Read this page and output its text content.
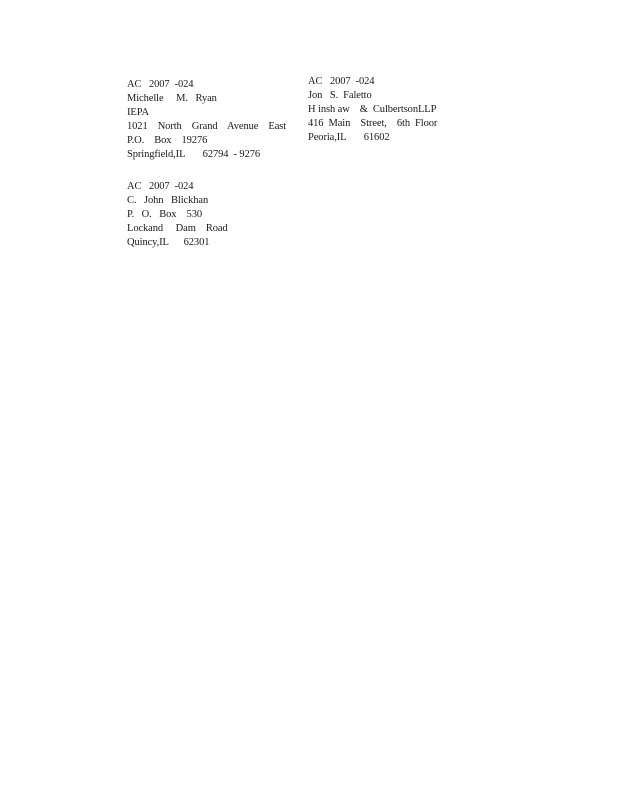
AC   2007  -024
Michelle     M.   Ryan
IEPA
1021    North    Grand    Avenue    East
P.O.    Box    19276
Springfield,IL       62794  - 9276
AC   2007  -024
Jon   S.  Faletto
H insh aw    &  CulbertsonLLP
416  Main    Street,    6th  Floor
Peoria,IL       61602
AC   2007  -024
C.   John   Blickhan
P.   O.   Box    530
Lockand     Dam    Road
Quincy,IL      62301
